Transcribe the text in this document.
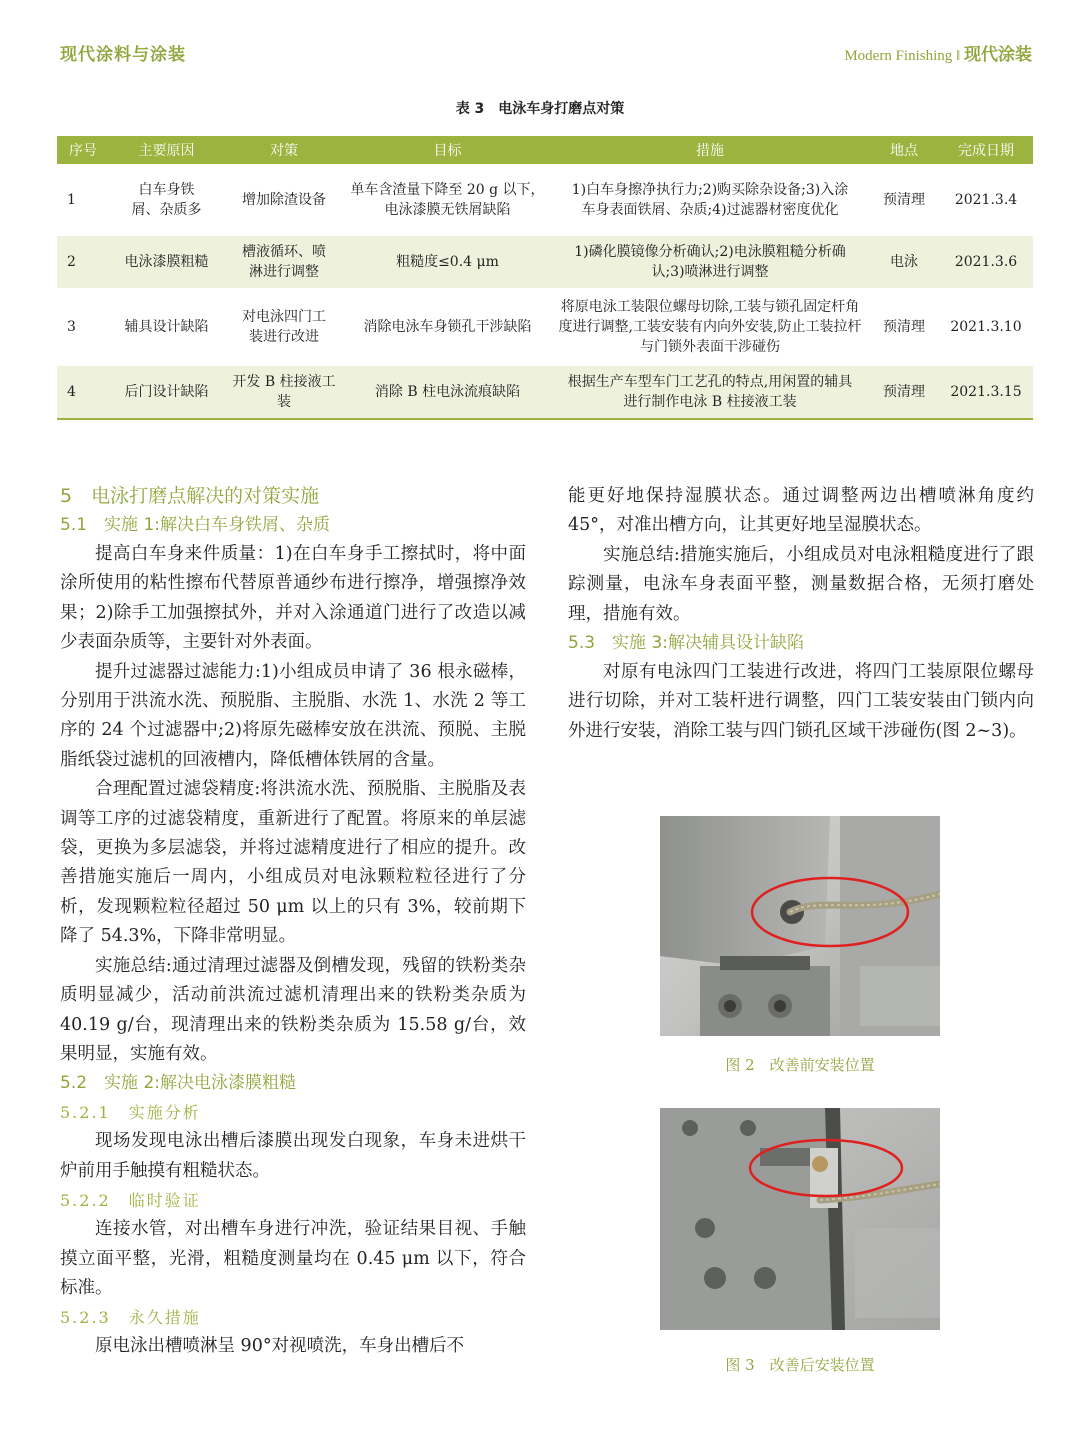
现代涂料与涂装	Modern Finishing ‖ 现代涂装
表 3　电泳车身打磨点对策
序号	主要原因	对策	目标	措施	地点	完成日期
1	白车身铁屑、杂质多	增加除渣设备	单车含渣量下降至 20 g 以下，电泳漆膜无铁屑缺陷	1)白车身擦净执行力;2)购买除杂设备;3)入涂车身表面铁屑、杂质;4)过滤器材密度优化	预清理	2021.3.4
2	电泳漆膜粗糙	槽液循环、喷淋进行调整	粗糙度≤0.4 μm	1)磷化膜镜像分析确认;2)电泳膜粗糙分析确认;3)喷淋进行调整	电泳	2021.3.6
3	辅具设计缺陷	对电泳四门工装进行改进	消除电泳车身锁孔干涉缺陷	将原电泳工装限位螺母切除,工装与锁孔固定杆角度进行调整,工装安装有内向外安装,防止工装拉杆与门锁外表面干涉碰伤	预清理	2021.3.10
4	后门设计缺陷	开发 B 柱接液工装	消除 B 柱电泳流痕缺陷	根据生产车型车门工艺孔的特点,用闲置的辅具进行制作电泳 B 柱接液工装	预清理	2021.3.15
5　电泳打磨点解决的对策实施
5.1　实施 1:解决白车身铁屑、杂质

提高白车身来件质量：1)在白车身手工擦拭时，将中面涂所使用的粘性擦布代替原普通纱布进行擦净，增强擦净效果；2)除手工加强擦拭外，并对入涂通道门进行了改造以减少表面杂质等，主要针对外表面。

提升过滤器过滤能力:1)小组成员申请了 36 根永磁棒，分别用于洪流水洗、预脱脂、主脱脂、水洗 1、水洗 2 等工序的 24 个过滤器中;2)将原先磁棒安放在洪流、预脱、主脱脂纸袋过滤机的回液槽内，降低槽体铁屑的含量。

合理配置过滤袋精度:将洪流水洗、预脱脂、主脱脂及表调等工序的过滤袋精度，重新进行了配置。将原来的单层滤袋，更换为多层滤袋，并将过滤精度进行了相应的提升。改善措施实施后一周内，小组成员对电泳颗粒粒径进行了分析，发现颗粒粒径超过 50 μm 以上的只有 3%，较前期下降了 54.3%，下降非常明显。

实施总结:通过清理过滤器及倒槽发现，残留的铁粉类杂质明显减少，活动前洪流过滤机清理出来的铁粉类杂质为 40.19 g/台，现清理出来的铁粉类杂质为 15.58 g/台，效果明显，实施有效。

5.2　实施 2:解决电泳漆膜粗糙
5.2.1　实施分析

现场发现电泳出槽后漆膜出现发白现象，车身未进烘干炉前用手触摸有粗糙状态。

5.2.2　临时验证

连接水管，对出槽车身进行冲洗，验证结果目视、手触摸立面平整，光滑，粗糙度测量均在 0.45 μm 以下，符合标准。

5.2.3　永久措施

原电泳出槽喷淋呈 90°对视喷洗，车身出槽后不

能更好地保持湿膜状态。通过调整两边出槽喷淋角度约 45°，对准出槽方向，让其更好地呈湿膜状态。

实施总结:措施实施后，小组成员对电泳粗糙度进行了跟踪测量，电泳车身表面平整，测量数据合格，无须打磨处理，措施有效。

5.3　实施 3:解决辅具设计缺陷

对原有电泳四门工装进行改进，将四门工装原限位螺母进行切除，并对工装杆进行调整，四门工装安装由门锁内向外进行安装，消除工装与四门锁孔区域干涉碰伤(图 2~3)。

图 2　改善前安装位置
图 3　改善后安装位置
